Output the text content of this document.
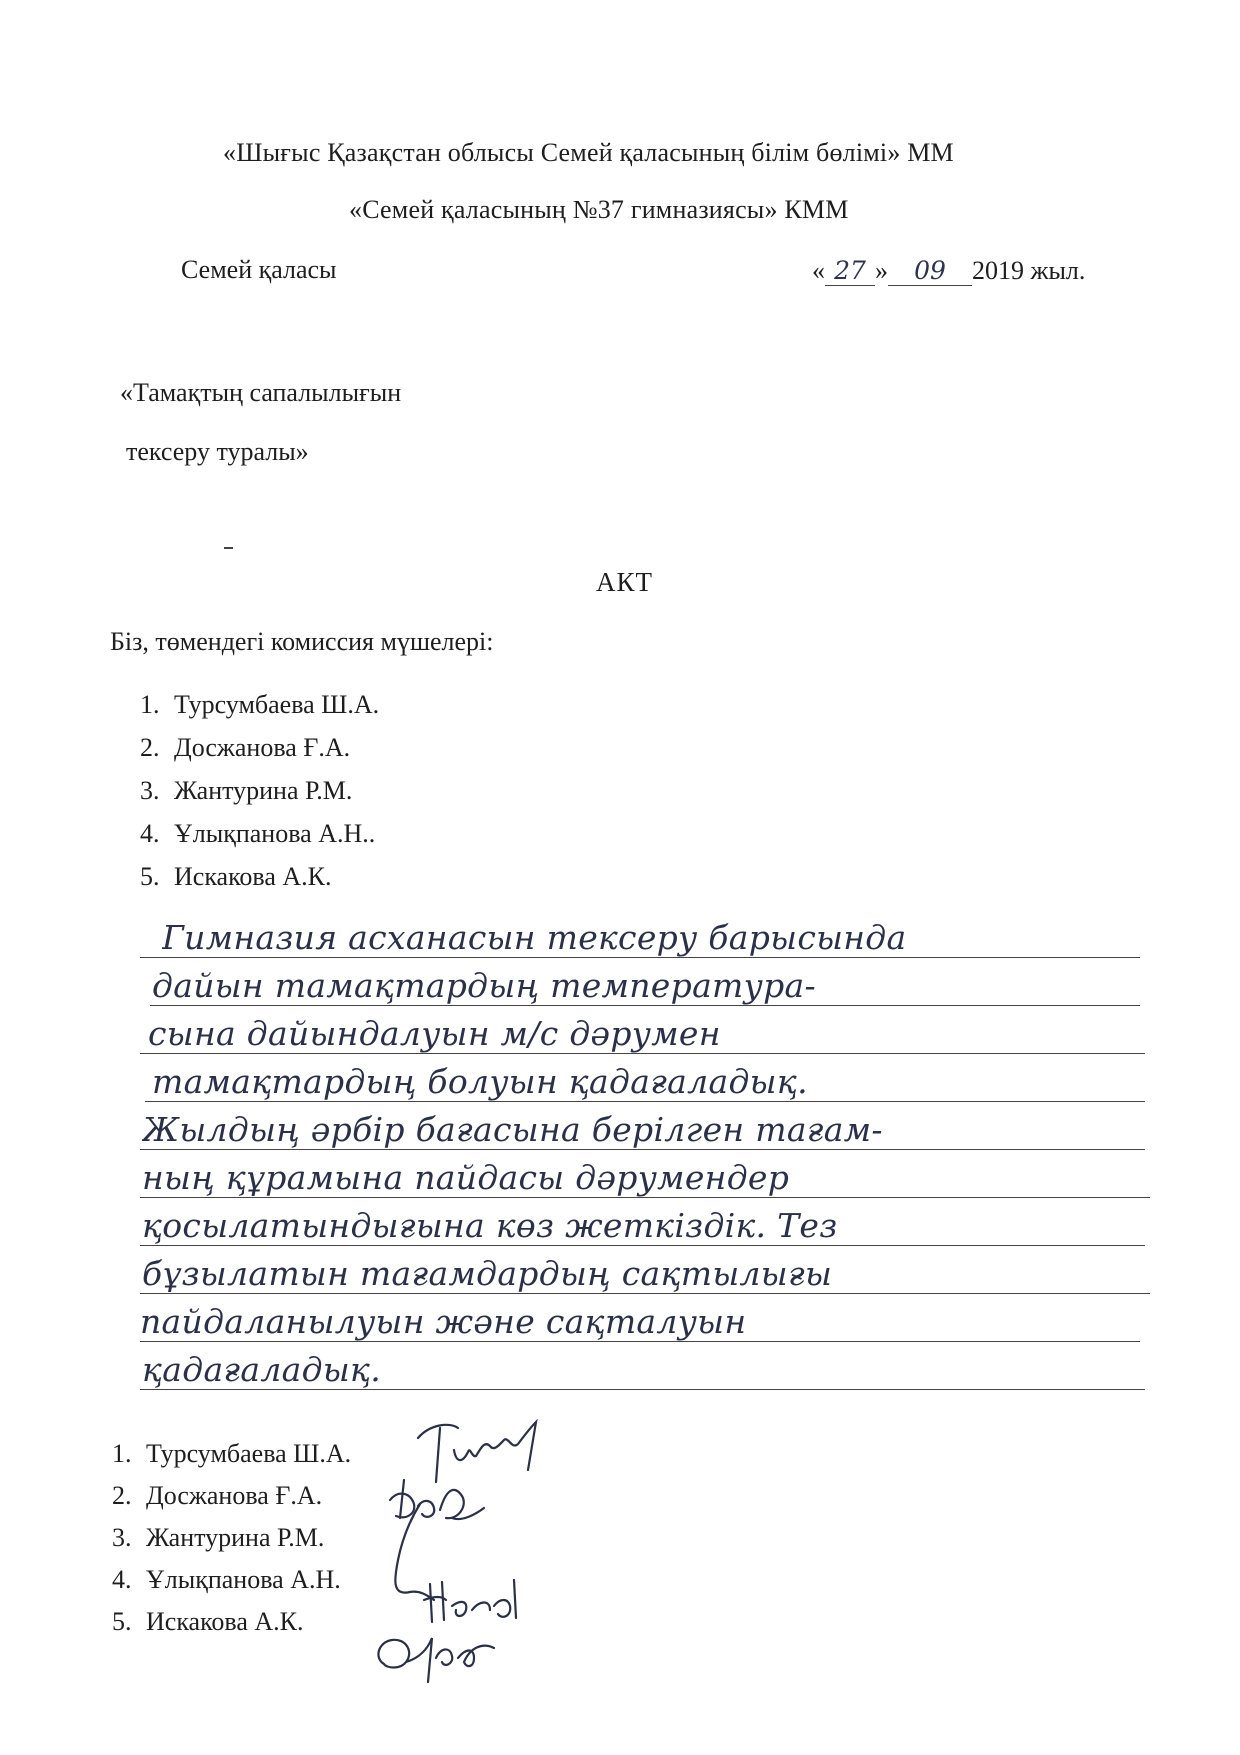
«Шығыс Қазақстан облысы Семей қаласының білім бөлімі» ММ
«Семей қаласының №37 гимназиясы» КММ
Семей қаласы	« 27 » 09 2019 жыл.
«Тамақтың сапалылығын
тексеру туралы»
АКТ
Біз, төмендегі комиссия мүшелері:
1. Турсумбаева Ш.А.
2. Досжанова Ғ.А.
3. Жантурина Р.М.
4. Ұлықпанова А.Н..
5. Искакова А.К.
Гимназия асханасын тексеру барысында
дайын тамақтардың температура-
сына дайындалуын м/с дәрумен
тамақтардың болуын қадағаладық.
Жылдың әрбір бағасына берілген тағам-
ның құрамына пайдасы дәрумендер
қосылатындығына көз жеткіздік. Тез
бұзылатын тағамдардың сақтылығы
пайдаланылуын және сақталуын
қадағаладық.
1. Турсумбаева Ш.А.
2. Досжанова Ғ.А.
3. Жантурина Р.М.
4. Ұлықпанова А.Н.
5. Искакова А.К.
